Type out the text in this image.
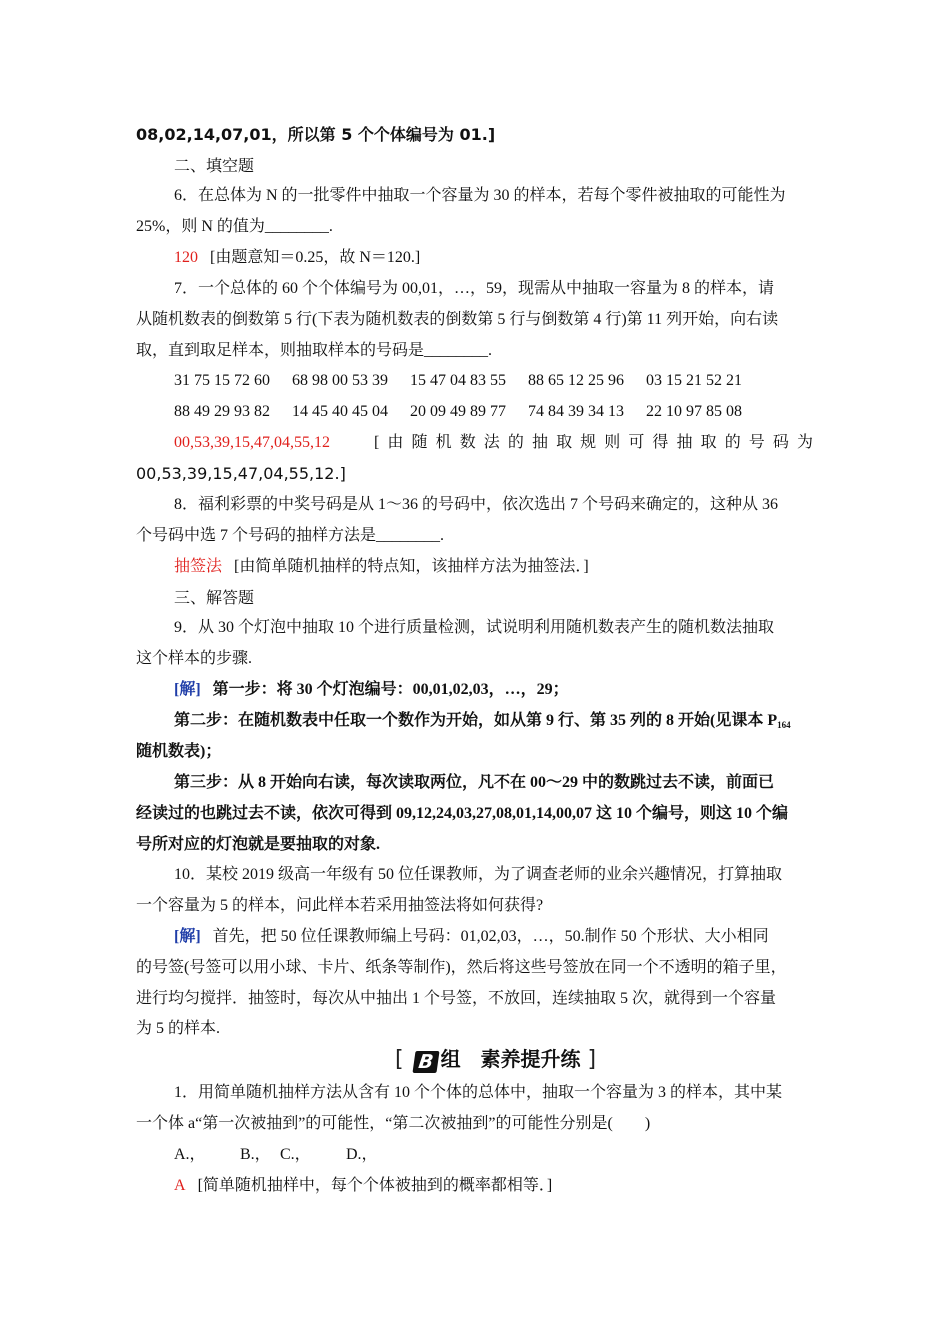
08,02,14,07,01，所以第 5 个个体编号为 01.]
二、填空题
6．在总体为 N 的一批零件中抽取一个容量为 30 的样本，若每个零件被抽取的可能性为
25%，则 N 的值为________.
120 [由题意知＝0.25，故 N＝120.]
7．一个总体的 60 个个体编号为 00,01，…，59，现需从中抽取一容量为 8 的样本，请
从随机数表的倒数第 5 行(下表为随机数表的倒数第 5 行与倒数第 4 行)第 11 列开始，向右读
取，直到取足样本，则抽取样本的号码是________.
31 75 15 72 60 68 98 00 53 39 15 47 04 83 55 88 65 12 25 96 03 15 21 52 21
88 49 29 93 82 14 45 40 45 04 20 09 49 89 77 74 84 39 34 13 22 10 97 85 08
00,53,39,15,47,04,55,12	[由随机数法的抽取规则可得抽取的号码为
00,53,39,15,47,04,55,12.]
8．福利彩票的中奖号码是从 1～36 的号码中，依次选出 7 个号码来确定的，这种从 36
个号码中选 7 个号码的抽样方法是________.
抽签法 [由简单随机抽样的特点知，该抽样方法为抽签法．]
三、解答题
9．从 30 个灯泡中抽取 10 个进行质量检测，试说明利用随机数表产生的随机数法抽取
这个样本的步骤.
[解] 第一步：将 30 个灯泡编号：00,01,02,03，…，29；
第二步：在随机数表中任取一个数作为开始，如从第 9 行、第 35 列的 8 开始(见课本 $P_{164}$
随机数表)；
第三步：从 8 开始向右读，每次读取两位，凡不在 00～29 中的数跳过去不读，前面已
经读过的也跳过去不读，依次可得到 09,12,24,03,27,08,01,14,00,07 这 10 个编号，则这 10 个编
号所对应的灯泡就是要抽取的对象.
10．某校 2019 级高一年级有 50 位任课教师，为了调查老师的业余兴趣情况，打算抽取
一个容量为 5 的样本，问此样本若采用抽签法将如何获得?
[解] 首先，把 50 位任课教师编上号码：01,02,03，…，50.制作 50 个形状、大小相同
的号签(号签可以用小球、卡片、纸条等制作)，然后将这些号签放在同一个不透明的箱子里，
进行均匀搅拌．抽签时，每次从中抽出 1 个号签，不放回，连续抽取 5 次，就得到一个容量
为 5 的样本.
[ B 组　素养提升练 ]
1．用简单随机抽样方法从含有 10 个个体的总体中，抽取一个容量为 3 的样本，其中某
一个体 a“第一次被抽到”的可能性，“第二次被抽到”的可能性分别是(　　)
A.， B.， C.， D.，
A [简单随机抽样中，每个个体被抽到的概率都相等．]
